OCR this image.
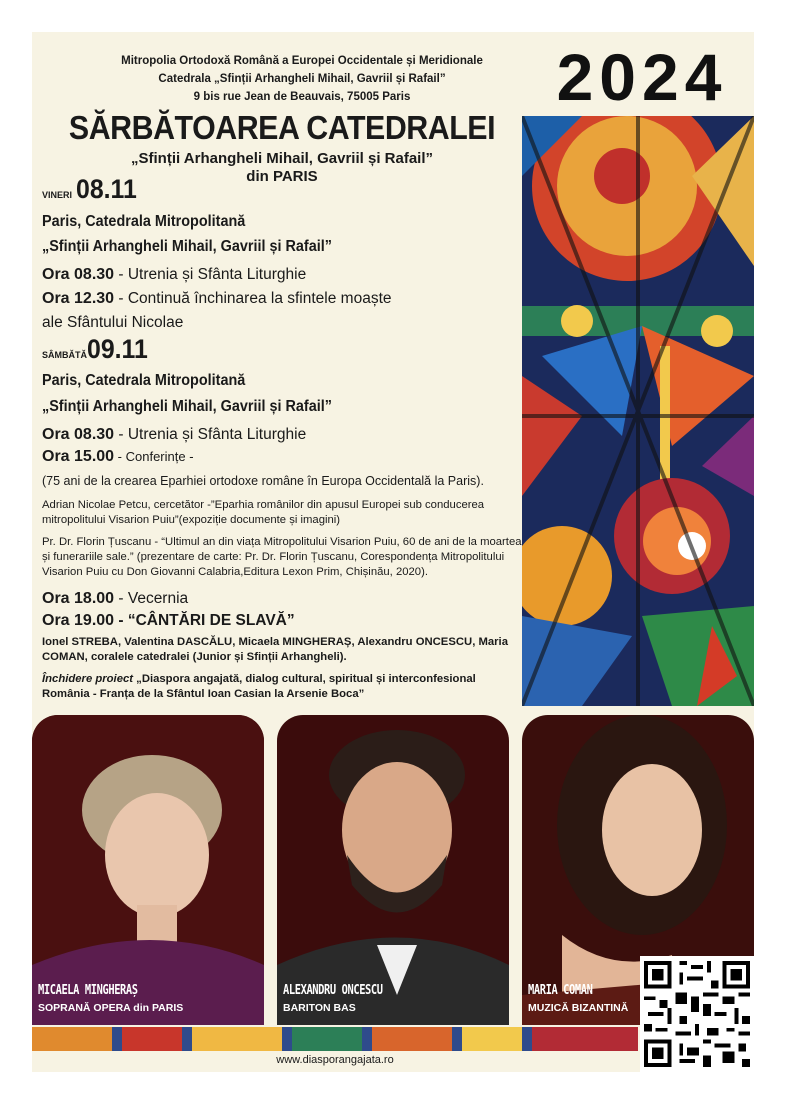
Mitropolia Ortodoxă Română a Europei Occidentale și Meridionale
Catedrala „Sfinții Arhangheli Mihail, Gavriil și Rafail”
9 bis rue Jean de Beauvais, 75005 Paris	2024
SĂRBĂTOAREA CATEDRALEI
„Sfinții Arhangheli Mihail, Gavriil și Rafail”
din PARIS
VINERI 08.11
Paris, Catedrala Mitropolitană
„Sfinții Arhangheli Mihail, Gavriil și Rafail”
Ora 08.30 - Utrenia și Sfânta Liturghie
Ora 12.30 - Continuă închinarea la sfintele moaște
ale Sfântului Nicolae
SÂMBĂTĂ09.11
Paris, Catedrala Mitropolitană
„Sfinții Arhangheli Mihail, Gavriil și Rafail”
Ora 08.30 - Utrenia și Sfânta Liturghie
Ora 15.00 - Conferințe -
(75 ani de la crearea Eparhiei ortodoxe române în Europa Occidentală la Paris).
Adrian Nicolae Petcu, cercetător -”Eparhia românilor din apusul Europei sub conducerea mitropolitului Visarion Puiu”(expoziție documente și imagini)
Pr. Dr. Florin Țuscanu - “Ultimul an din viața Mitropolitului Visarion Puiu, 60 de ani de la moartea și funerariile sale.” (prezentare de carte: Pr. Dr. Florin Țuscanu, Corespondența Mitropolitului Visarion Puiu cu Don Giovanni Calabria,Editura Lexon Prim, Chișinău, 2020).
Ora 18.00 - Vecernia
Ora 19.00 - “CÂNTĂRI DE SLAVĂ”
Ionel STREBA, Valentina DASCĂLU, Micaela MINGHERAȘ, Alexandru ONCESCU, Maria COMAN, coralele catedralei (Junior și Sfinții Arhangheli).
Închidere proiect „Diaspora angajată, dialog cultural, spiritual și interconfesional România - Franța de la Sfântul Ioan Casian la Arsenie Boca”
MICAELA MINGHERAȘ
SOPRANĂ OPERA din PARIS
ALEXANDRU ONCESCU
BARITON BAS
MARIA COMAN
MUZICĂ BIZANTINĂ
www.diasporangajata.ro
